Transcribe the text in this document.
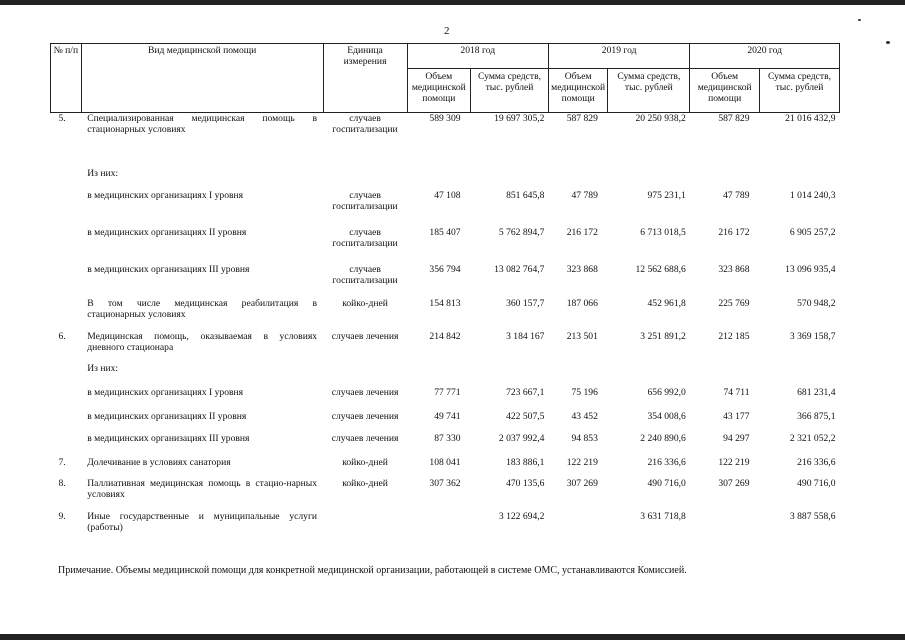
2
№ п/п	Вид медицинской помощи	Единица измерения	2018 год		2019 год		2020 год	
			Объем медицинской помощи	Сумма средств, тыс. рублей	Объем медицинской помощи	Сумма средств, тыс. рублей	Объем медицинской помощи	Сумма средств, тыс. рублей
5.	Специализированная медицинская помощь в стационарных условиях	случаев госпитализации	589 309	19 697 305,2	587 829	20 250 938,2	587 829	21 016 432,9
	Из них:							
	в медицинских организациях I уровня	случаев госпитализации	47 108	851 645,8	47 789	975 231,1	47 789	1 014 240,3
	в медицинских организациях II уровня	случаев госпитализации	185 407	5 762 894,7	216 172	6 713 018,5	216 172	6 905 257,2
	в медицинских организациях III уровня	случаев госпитализации	356 794	13 082 764,7	323 868	12 562 688,6	323 868	13 096 935,4
	В том числе медицинская реабилитация в стационарных условиях	койко-дней	154 813	360 157,7	187 066	452 961,8	225 769	570 948,2
6.	Медицинская помощь, оказываемая в условиях дневного стационара	случаев лечения	214 842	3 184 167	213 501	3 251 891,2	212 185	3 369 158,7
	Из них:							
	в медицинских организациях I уровня	случаев лечения	77 771	723 667,1	75 196	656 992,0	74 711	681 231,4
	в медицинских организациях II уровня	случаев лечения	49 741	422 507,5	43 452	354 008,6	43 177	366 875,1
	в медицинских организациях III уровня	случаев лечения	87 330	2 037 992,4	94 853	2 240 890,6	94 297	2 321 052,2
7.	Долечивание в условиях санатория	койко-дней	108 041	183 886,1	122 219	216 336,6	122 219	216 336,6
8.	Паллиативная медицинская помощь в стацио-нарных условиях	койко-дней	307 362	470 135,6	307 269	490 716,0	307 269	490 716,0
9.	Иные государственные и муниципальные услуги (работы)			3 122 694,2		3 631 718,8		3 887 558,6
Примечание. Объемы медицинской помощи для конкретной медицинской организации, работающей в системе ОМС, устанавливаются Комиссией.
